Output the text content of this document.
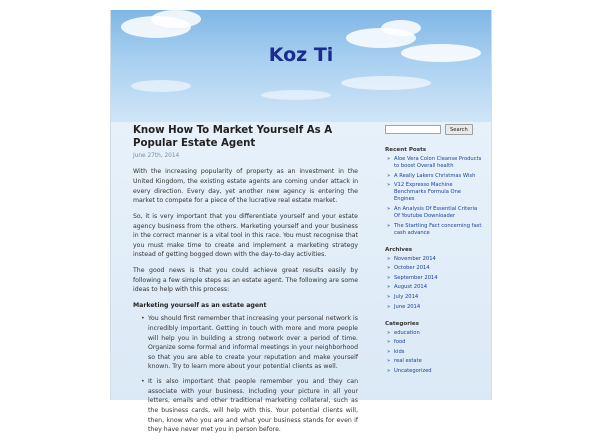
Koz Ti
Know How To Market Yourself As A Popular Estate Agent
June 27th, 2014

With the increasing popularity of property as an investment in the United Kingdom, the existing estate agents are coming under attack in every direction. Every day, yet another new agency is entering the market to compete for a piece of the lucrative real estate market.

So, it is very important that you differentiate yourself and your estate agency business from the others. Marketing yourself and your business in the correct manner is a vital tool in this race. You must recognise that you must make time to create and implement a marketing strategy instead of getting bogged down with the day-to-day activities.

The good news is that you could achieve great results easily by following a few simple steps as an estate agent. The following are some ideas to help with this process:

Marketing yourself as an estate agent
• You should first remember that increasing your personal network is incredibly important. Getting in touch with more and more people will help you in building a strong network over a period of time. Organize some formal and informal meetings in your neighborhood so that you are able to create your reputation and make yourself known. Try to learn more about your potential clients as well.
• It is also important that people remember you and they can associate with your business. Including your picture in all your letters, emails and other traditional marketing collateral, such as the business cards, will help with this. Your potential clients will, then, know who you are and what your business stands for even if they have never met you in person before.
Search
Recent Posts
» Aloe Vera Colon Cleanse Products to boost Overall health
» A Really Lakers Christmas Wish
» V12 Expresso Machine Benchmarks Formula One Engines
» An Analysis Of Essential Criteria Of Youtube Downloader
» The Startling Fact concerning fast cash advance
Archives
» November 2014
» October 2014
» September 2014
» August 2014
» July 2014
» June 2014
Categories
» education
» food
» kids
» real estate
» Uncategorized
